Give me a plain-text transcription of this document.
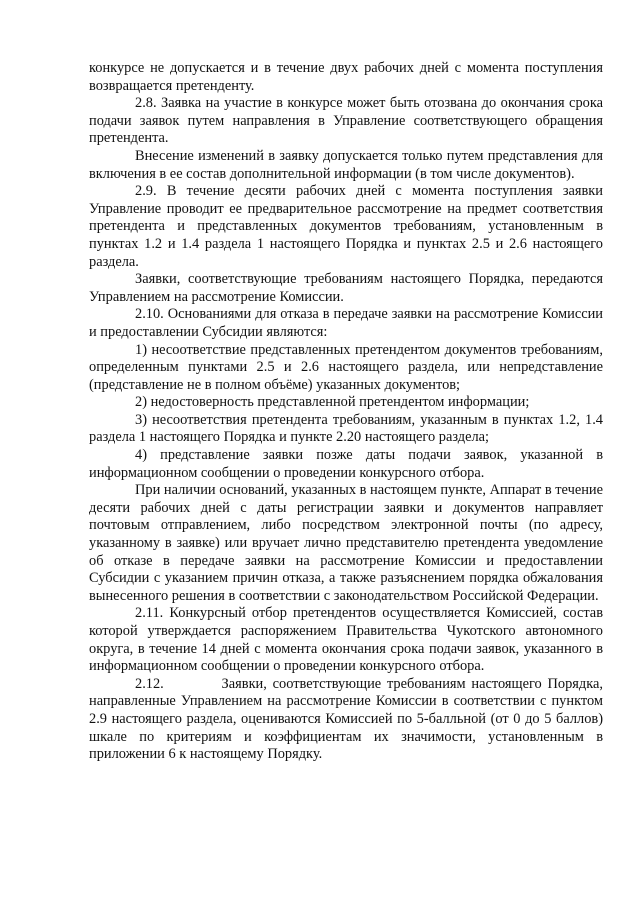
конкурсе не допускается и в течение двух рабочих дней с момента поступления возвращается претенденту.

2.8. Заявка на участие в конкурсе может быть отозвана до окончания срока подачи заявок путем направления в Управление соответствующего обращения претендента.

Внесение изменений в заявку допускается только путем представления для включения в ее состав дополнительной информации (в том числе документов).

2.9. В течение десяти рабочих дней с момента поступления заявки Управление проводит ее предварительное рассмотрение на предмет соответствия претендента и представленных документов требованиям, установленным в пунктах 1.2 и 1.4 раздела 1 настоящего Порядка и пунктах 2.5 и 2.6 настоящего раздела.

Заявки, соответствующие требованиям настоящего Порядка, передаются Управлением на рассмотрение Комиссии.

2.10. Основаниями для отказа в передаче заявки на рассмотрение Комиссии и предоставлении Субсидии являются:

1) несоответствие представленных претендентом документов требованиям, определенным пунктами 2.5 и 2.6 настоящего раздела, или непредставление (представление не в полном объёме) указанных документов;

2) недостоверность представленной претендентом информации;

3) несоответствия претендента требованиям, указанным в пунктах 1.2, 1.4 раздела 1 настоящего Порядка и пункте 2.20 настоящего раздела;

4) представление заявки позже даты подачи заявок, указанной в информационном сообщении о проведении конкурсного отбора.

При наличии оснований, указанных в настоящем пункте, Аппарат в течение десяти рабочих дней с даты регистрации заявки и документов направляет почтовым отправлением, либо посредством электронной почты (по адресу, указанному в заявке) или вручает лично представителю претендента уведомление об отказе в передаче заявки на рассмотрение Комиссии и предоставлении Субсидии с указанием причин отказа, а также разъяснением порядка обжалования вынесенного решения в соответствии с законодательством Российской Федерации.

2.11. Конкурсный отбор претендентов осуществляется Комиссией, состав которой утверждается распоряжением Правительства Чукотского автономного округа, в течение 14 дней с момента окончания срока подачи заявок, указанного в информационном сообщении о проведении конкурсного отбора.

2.12.          Заявки, соответствующие требованиям настоящего Порядка, направленные Управлением на рассмотрение Комиссии в соответствии с пунктом 2.9 настоящего раздела, оцениваются Комиссией по 5-балльной (от 0 до 5 баллов) шкале по критериям и коэффициентам их значимости, установленным в приложении 6 к настоящему Порядку.
